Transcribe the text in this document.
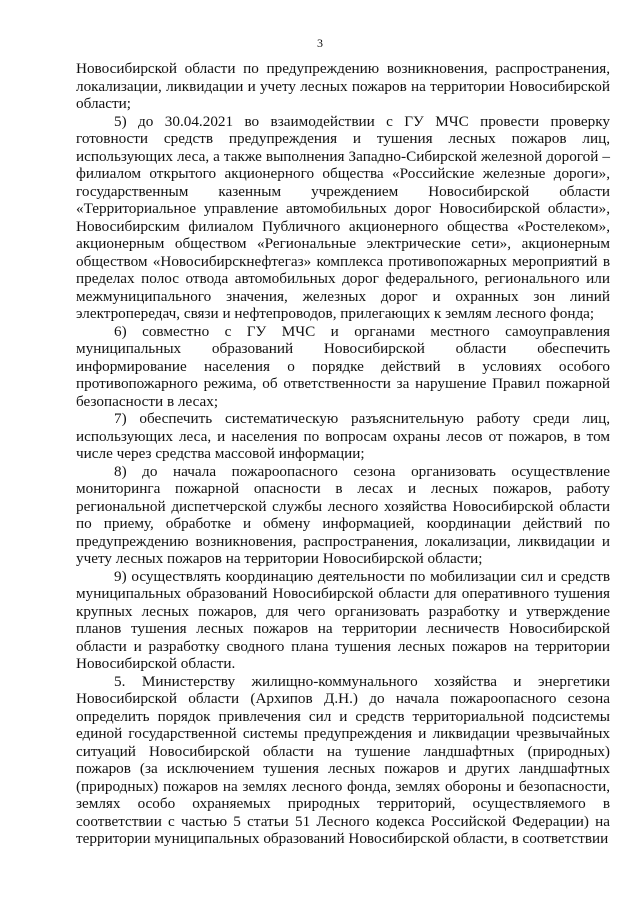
3

Новосибирской области по предупреждению возникновения, распространения, локализации, ликвидации и учету лесных пожаров на территории Новосибирской области;

5) до 30.04.2021 во взаимодействии с ГУ МЧС провести проверку готовности средств предупреждения и тушения лесных пожаров лиц, использующих леса, а также выполнения Западно-Сибирской железной дорогой – филиалом открытого акционерного общества «Российские железные дороги», государственным казенным учреждением Новосибирской области «Территориальное управление автомобильных дорог Новосибирской области», Новосибирским филиалом Публичного акционерного общества «Ростелеком», акционерным обществом «Региональные электрические сети», акционерным обществом «Новосибирскнефтегаз» комплекса противопожарных мероприятий в пределах полос отвода автомобильных дорог федерального, регионального или межмуниципального значения, железных дорог и охранных зон линий электропередач, связи и нефтепроводов, прилегающих к землям лесного фонда;

6) совместно с ГУ МЧС и органами местного самоуправления муниципальных образований Новосибирской области обеспечить информирование населения о порядке действий в условиях особого противопожарного режима, об ответственности за нарушение Правил пожарной безопасности в лесах;

7) обеспечить систематическую разъяснительную работу среди лиц, использующих леса, и населения по вопросам охраны лесов от пожаров, в том числе через средства массовой информации;

8) до начала пожароопасного сезона организовать осуществление мониторинга пожарной опасности в лесах и лесных пожаров, работу региональной диспетчерской службы лесного хозяйства Новосибирской области по приему, обработке и обмену информацией, координации действий по предупреждению возникновения, распространения, локализации, ликвидации и учету лесных пожаров на территории Новосибирской области;

9) осуществлять координацию деятельности по мобилизации сил и средств муниципальных образований Новосибирской области для оперативного тушения крупных лесных пожаров, для чего организовать разработку и утверждение планов тушения лесных пожаров на территории лесничеств Новосибирской области и разработку сводного плана тушения лесных пожаров на территории Новосибирской области.

5. Министерству жилищно-коммунального хозяйства и энергетики Новосибирской области (Архипов Д.Н.) до начала пожароопасного сезона определить порядок привлечения сил и средств территориальной подсистемы единой государственной системы предупреждения и ликвидации чрезвычайных ситуаций Новосибирской области на тушение ландшафтных (природных) пожаров (за исключением тушения лесных пожаров и других ландшафтных (природных) пожаров на землях лесного фонда, землях обороны и безопасности, землях особо охраняемых природных территорий, осуществляемого в соответствии с частью 5 статьи 51 Лесного кодекса Российской Федерации) на территории муниципальных образований Новосибирской области, в соответствии
